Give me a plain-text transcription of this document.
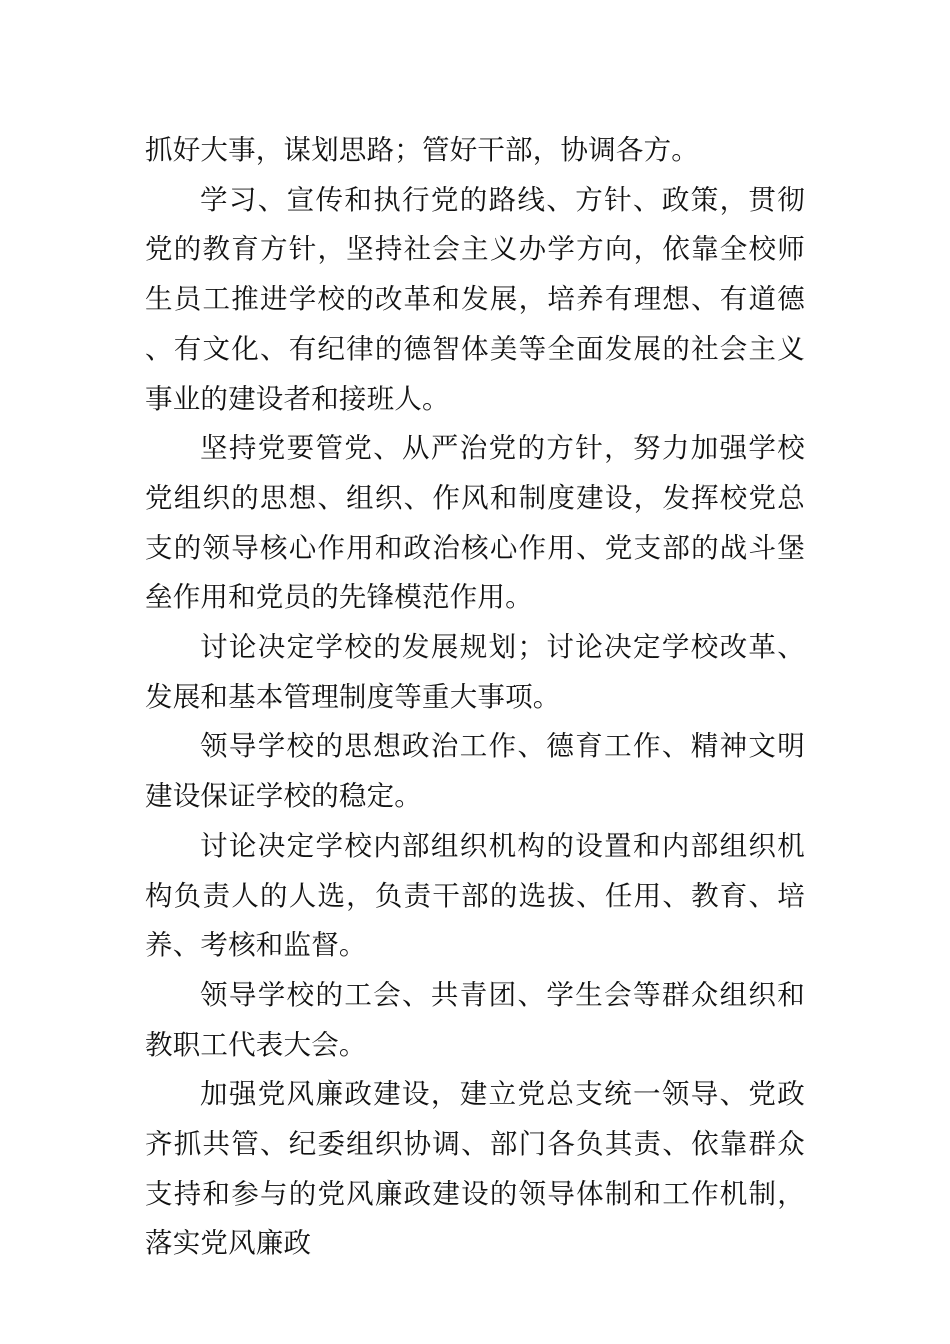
抓好大事，谋划思路；管好干部，协调各方。

学习、宣传和执行党的路线、方针、政策，贯彻党的教育方针，坚持社会主义办学方向，依靠全校师生员工推进学校的改革和发展，培养有理想、有道德、有文化、有纪律的德智体美等全面发展的社会主义事业的建设者和接班人。

坚持党要管党、从严治党的方针，努力加强学校党组织的思想、组织、作风和制度建设，发挥校党总支的领导核心作用和政治核心作用、党支部的战斗堡垒作用和党员的先锋模范作用。

讨论决定学校的发展规划；讨论决定学校改革、发展和基本管理制度等重大事项。

领导学校的思想政治工作、德育工作、精神文明建设保证学校的稳定。

讨论决定学校内部组织机构的设置和内部组织机构负责人的人选，负责干部的选拔、任用、教育、培养、考核和监督。

领导学校的工会、共青团、学生会等群众组织和教职工代表大会。

加强党风廉政建设，建立党总支统一领导、党政齐抓共管、纪委组织协调、部门各负其责、依靠群众支持和参与的党风廉政建设的领导体制和工作机制，落实党风廉政
